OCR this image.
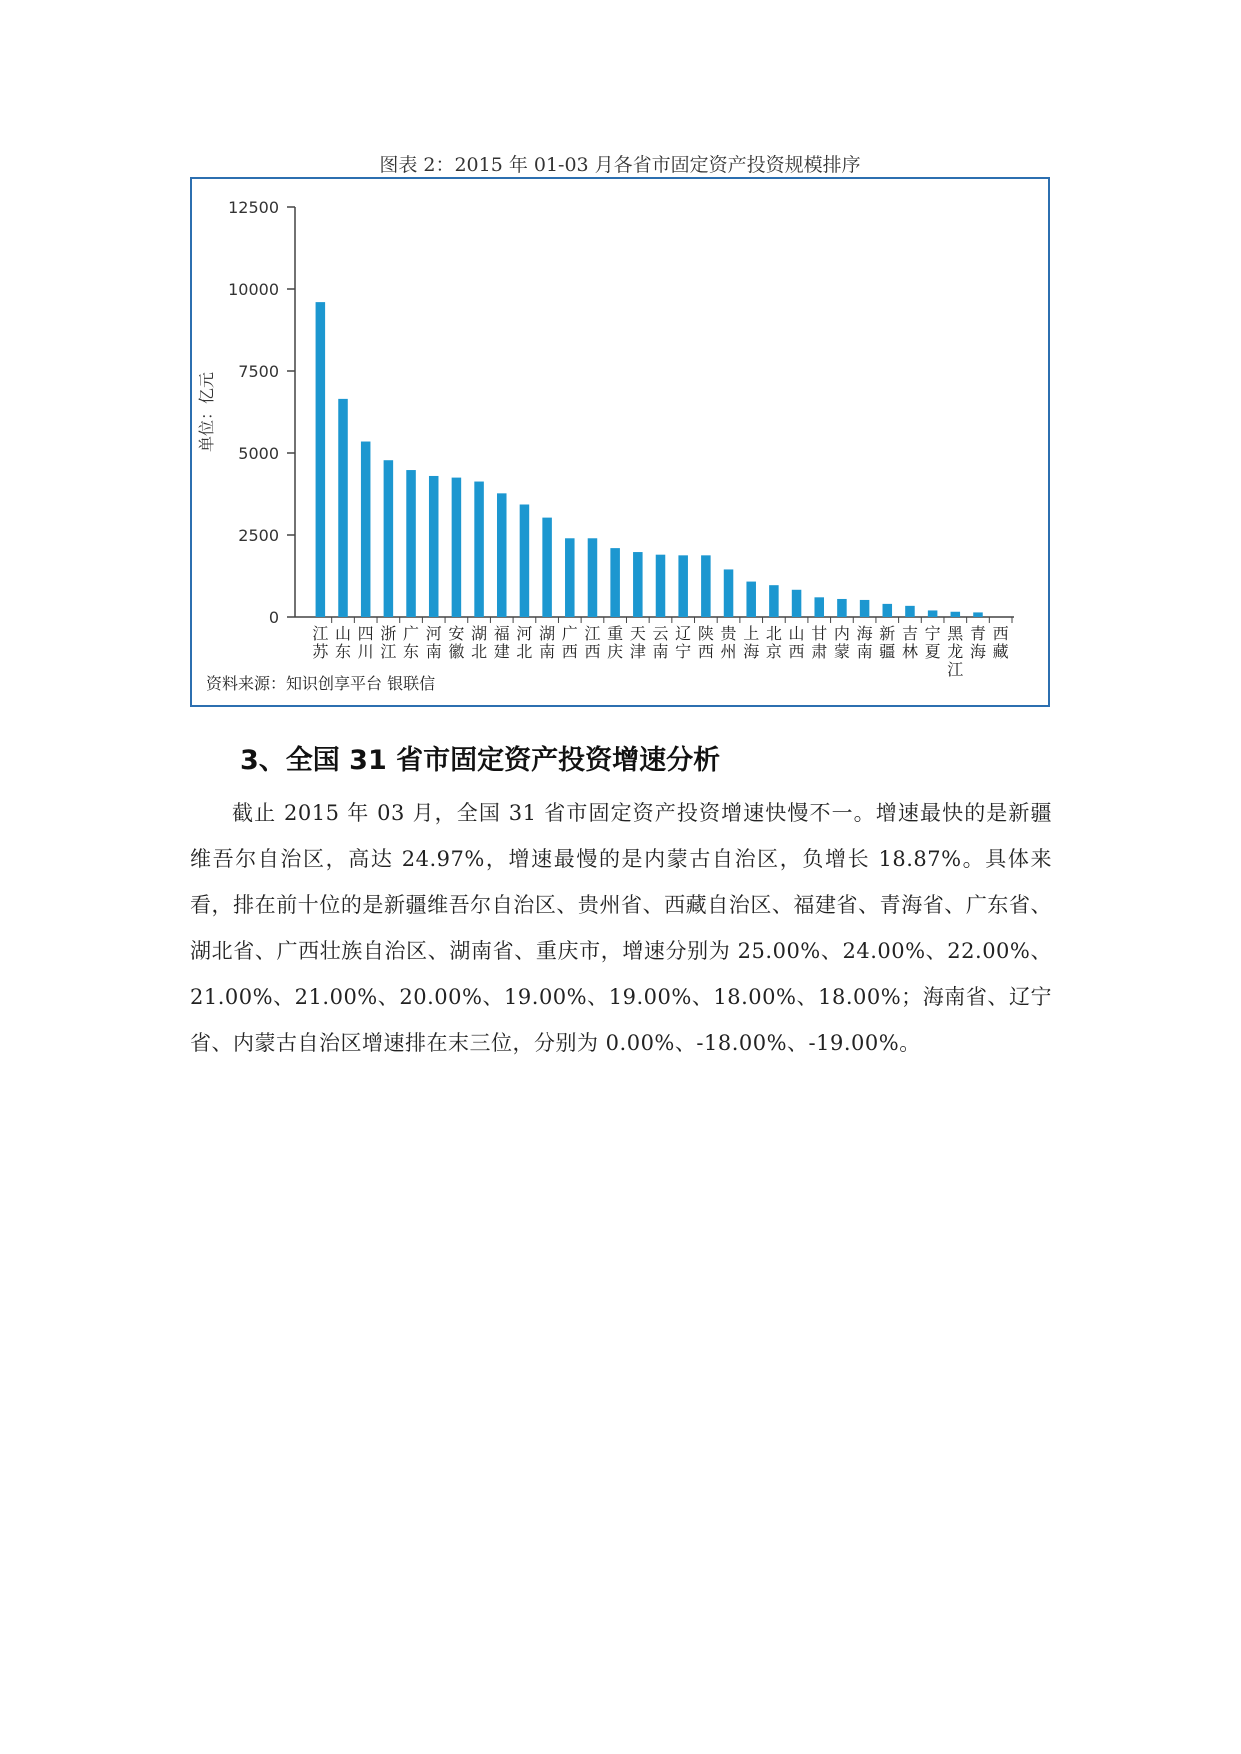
图表 2：2015 年 01-03 月各省市固定资产投资规模排序
0
2500
5000
7500
10000
12500
单位：亿元
江苏
山东
四川
浙江
广东
河南
安徽
湖北
福建
河北
湖南
广西
江西
重庆
天津
云南
辽宁
陕西
贵州
上海
北京
山西
甘肃
内蒙
海南
新疆
吉林
宁夏
黑龙江
青海
西藏
资料来源：知识创享平台 银联信
3、全国 31 省市固定资产投资增速分析

截止 2015 年 03 月，全国 31 省市固定资产投资增速快慢不一。增速最快的是新疆维吾尔自治区，高达 24.97%，增速最慢的是内蒙古自治区，负增长 18.87%。具体来看，排在前十位的是新疆维吾尔自治区、贵州省、西藏自治区、福建省、青海省、广东省、湖北省、广西壮族自治区、湖南省、重庆市，增速分别为 25.00%、24.00%、22.00%、21.00%、21.00%、20.00%、19.00%、19.00%、18.00%、18.00%；海南省、辽宁省、内蒙古自治区增速排在末三位，分别为 0.00%、-18.00%、-19.00%。
